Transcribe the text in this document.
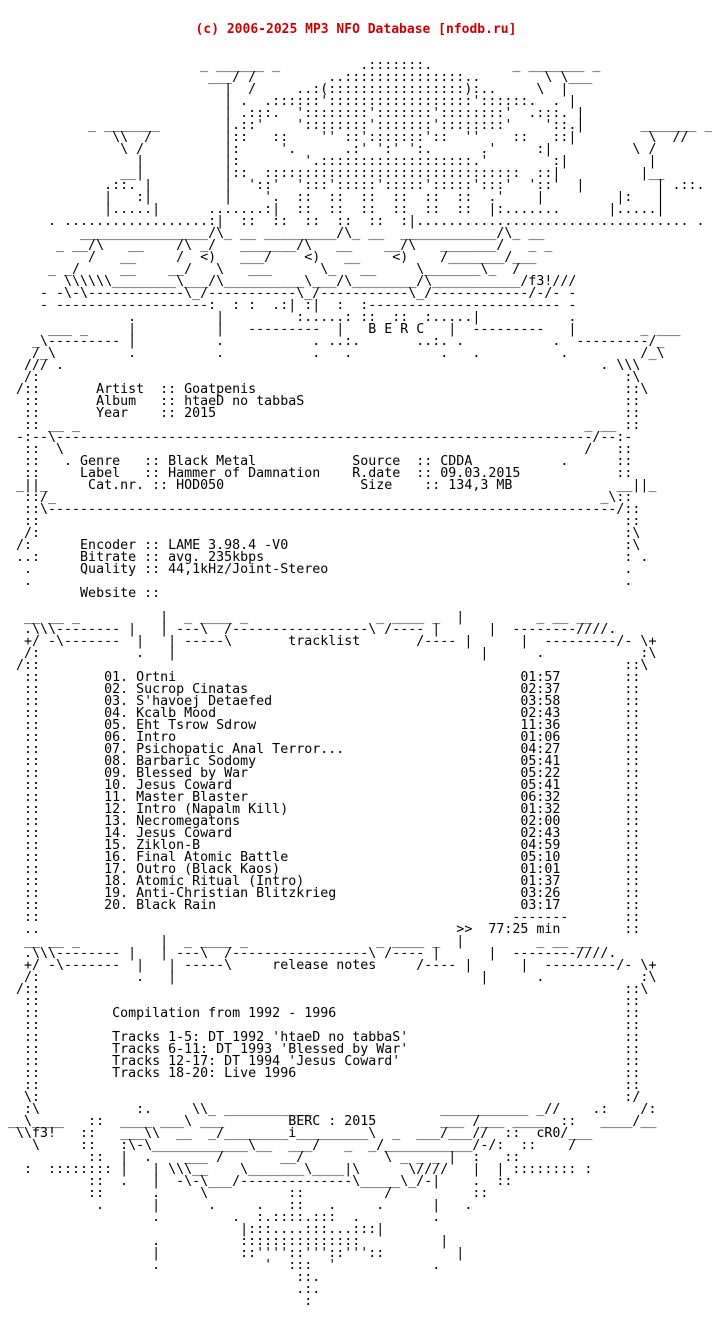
(c) 2006-2025 MP3 NFO Database [nfodb.ru]

_ ______ _          .:::::::.          _ _______ _
___/ /         ..:::::::::::::::..        \ \___
|  /     ..:(:::::::::::::::::):..     \  |
| .  .::::::'::::::::::::::::::'::::::.  . |
| .:::.  '::::::::':::::::'::::::::'  .:::. |
_ _______        |.::'    '::::::::':::::::'::::::::'    '::.|       _______ _
\\  /         |::   ::    '' ::':::::::'::  ''    ::   ::|         \  //
\ /          |:     '.      .:' ':' ':.      .'     :|          \ /
|          |:        '.:::::::::::::::::::.'        :|          |
__|          |::  ::::::::::::::::::::::::::::::::  ::|          |__
.::. |         |  '::'  ':::':::::':::::':::::':::'  '::'  |         | .::.
|   :|         |    '.  ::  ::  ::  ::  ::  ::  .'    |         |:   |
|.....|      .......:|  ::  ::  ::  ::  ::  ::  |:.......      |.....|
. ..................:|  ::  ::  ::  ::  ::  :|.................................. .
________________/\_ __ _________/\_ __  ____________/\_ __
_ __/\   __    /\ _/   _______/\   __    __/\   _______/   _ _
/   __     /  <)   ___/    <)   __    <)    /_______/___
_ _/     __    __/   \   ___      \_   __     \_______\_  /
\\\\\\________\___/\__________\___/\________/\___________/f3!///
- -\-\------------\_/-----------\_/-----------\_/------------/-/- -
- -------------------:  : :  .:| :|  :  :------------------------ -
.          |         :.....: ::  ::  :.....|           .
___ _     |          |   ---------  |   B E R C   |  ---------   |        _ ___
_\--------- |          .           . ..:.       ..:. .           .  ---------/_
/_\         .          .           .   .           .   .          .         /_\
/// .                                                                   . \\\
/:                                                                         :\
/::       Artist  :: Goatpenis                                              ::\
::       Album   :: htaeD no tabbaS                                        ::
::       Year    :: 2015                                                   ::
:: __ _                                                               _ __ ::
-:--\-------------------------------------------------------------------/--:-
::  \                                                                 /   ::
::   . Genre   :: Black Metal            Source  :: CDDA           .      ::
::     Label   :: Hammer of Damnation    R.date  :: 09.03.2015            ::
_||_     Cat.nr. :: HOD050                 Size    :: 134,3 MB             __||_
::/_                                                                    _\::
::\-----------------------------------------------------------------------/::
::                                                                         ::
/:                                                                         :\
/:      Encoder :: LAME 3.98.4 -V0                                          :\
..:     Bitrate :: avg. 235kbps                                             : .
.      Quality :: 44,1kHz/Joint-Stereo                                     .
.                                                                          .
Website ::
__ __ _          |  _ ____ _                _ ____ _  |         _ __ __
.\\\-------- |   | ---\  /-----------------\ /---- |      |  --------////.
+/ -\-------  |   | -----\       tracklist       /---- |      |  ---------/- \+
/:            .   |                                      |      .            :\
/::                                                                         ::\
::        01. Ortni                                           01:57        ::
::        02. Sucrop Cinatas                                  02:37        ::
::        03. S'havoej Detaefed                               03:58        ::
::        04. Kcalb Mood                                      02:43        ::
::        05. Eht Tsrow Sdrow                                 11:36        ::
::        06. Intro                                           01:06        ::
::        07. Psichopatic Anal Terror...                      04:27        ::
::        08. Barbaric Sodomy                                 05:41        ::
::        09. Blessed by War                                  05:22        ::
::        10. Jesus Coward                                    05:41        ::
::        11. Master Blaster                                  06:32        ::
::        12. Intro (Napalm Kill)                             01:32        ::
::        13. Necromegatons                                   02:00        ::
::        14. Jesus Coward                                    02:43        ::
::        15. Ziklon-B                                        04:59        ::
::        16. Final Atomic Battle                             05:10        ::
::        17. Outro (Black Kaos)                              01:01        ::
::        18. Atomic Ritual (Intro)                           01:37        ::
::        19. Anti-Christian Blitzkrieg                       03:26        ::
::        20. Black Rain                                      03:17        ::
::                                                           -------       ::
..                                                    >>  77:25 min        ::
__ __ _          |  _ ____ _                _ ____ _  |         _ __ __
.\\\-------- |   | ---\  /-----------------\ /---- |      |  --------////.
+/ -\-------  |   | -----\     release notes     /---- |      |  ---------/- \+
/:            .   |                                      |      .            :\
/::                                                                         ::\
::                                                                         ::
::         Compilation from 1992 - 1996                                    ::
::                                                                         ::
::         Tracks 1-5: DT 1992 'htaeD no tabbaS'                           ::
::         Tracks 6-11: DT 1993 'Blessed by War'                           ::
::         Tracks 12-17: DT 1994 'Jesus Coward'                            ::
::         Tracks 18-20: Live 1996                                         ::
::                                                                         ::
\:                                                                         :/
:\            :.     \\_ ___________                ___________ _//    .:    /:
__\____   ::  ____ ___\ ___        BERC : 2015        ___ /___ ____  ::   ____/__
\\f3!   ::   ___\\  __  _/________i_________\  _  ___/___//  ::  cR0/___
\     ::   :\-\____________\__  ___/   _  _/___________/-/:  ::    /
::  |  .    ___ /       __/          \ _ _ _ |  :   ::
:  :::::::: |   | \\\__    \_______\____|\      \////   |  | :::::::: :
::  .   |  -\-\___/--------------\_____\_/-|    .  ::
::      .     \          ::          /          ::
.      |      .     .   ::   .     .      |   .
.         .  :.::::.:::  .         .
|:::....:::...:::|
.          :::::::::::::::          |
|          ::''''::'''::'''::         |
.             '  :::  '            .
::.
.:.
:
